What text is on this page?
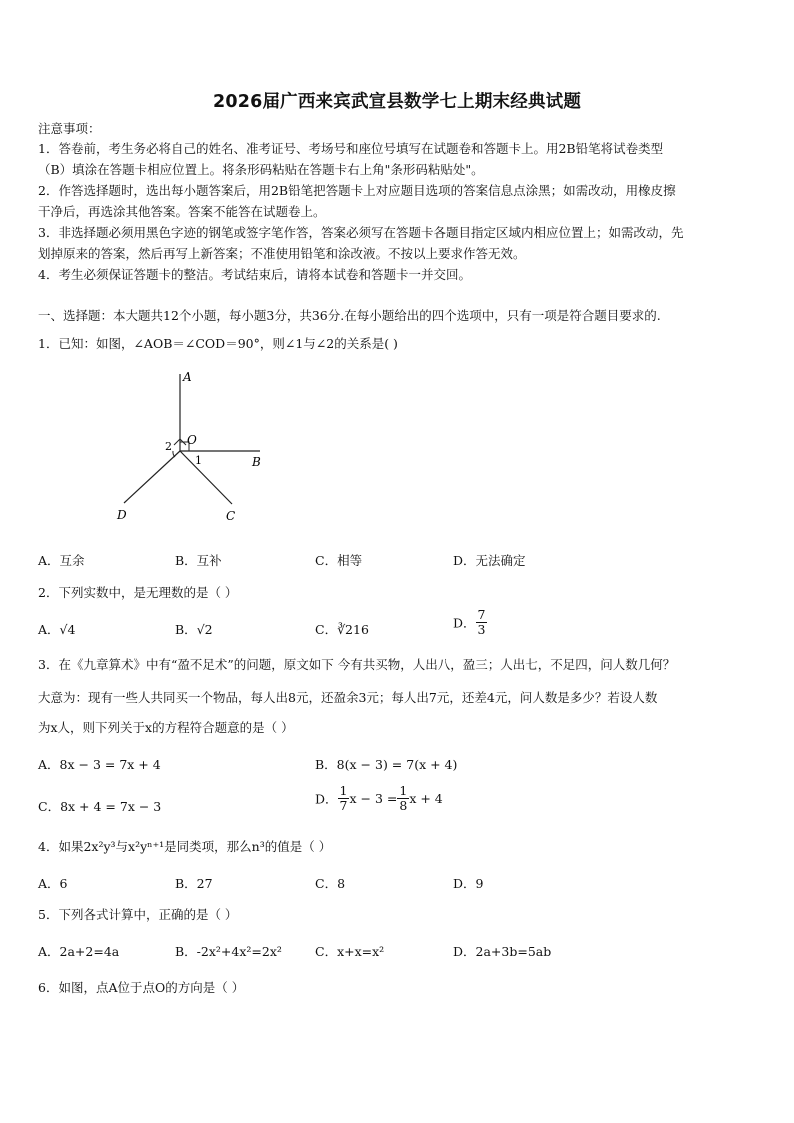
2026届广西来宾武宣县数学七上期末经典试题
注意事项：
1．答卷前，考生务必将自己的姓名、准考证号、考场号和座位号填写在试题卷和答题卡上。用2B铅笔将试卷类型
（B）填涂在答题卡相应位置上。将条形码粘贴在答题卡右上角"条形码粘贴处"。
2．作答选择题时，选出每小题答案后，用2B铅笔把答题卡上对应题目选项的答案信息点涂黑；如需改动，用橡皮擦
干净后，再选涂其他答案。答案不能答在试题卷上。
3．非选择题必须用黑色字迹的钢笔或签字笔作答，答案必须写在答题卡各题目指定区域内相应位置上；如需改动，先
划掉原来的答案，然后再写上新答案；不准使用铅笔和涂改液。不按以上要求作答无效。
4．考生必须保证答题卡的整洁。考试结束后，请将本试卷和答题卡一并交回。
一、选择题：本大题共12个小题，每小题3分，共36分.在每小题给出的四个选项中，只有一项是符合题目要求的.
1．已知：如图，∠AOB＝∠COD＝90°，则∠1与∠2的关系是( )
A
B
C
D
O
1
2
A．互余	B．互补	C．相等	D．无法确定
2．下列实数中，是无理数的是（ ）
A．√4	B．√2	C．∛216	D． $\frac{7}{3}$
3．在《九章算术》中有“盈不足术”的问题，原文如下 今有共买物，人出八，盈三；人出七，不足四，问人数几何？
大意为：现有一些人共同买一个物品，每人出8元，还盈余3元；每人出7元，还差4元，问人数是多少？若设人数
为x人，则下列关于x的方程符合题意的是（ ）
A．8x − 3 = 7x + 4	B．8(x − 3) = 7(x + 4)
C．8x + 4 = 7x − 3	D． $\frac{1}{7}$ $x - 3 = \frac{1}{8}$ x + 4
4．如果2x²y³与x²yⁿ⁺¹是同类项，那么n³的值是（ ）
A．6	B．27	C．8	D．9
5．下列各式计算中，正确的是（ ）
A．2a+2=4a	B．-2x²+4x²=2x²	C．x+x=x²	D．2a+3b=5ab
6．如图，点A位于点O的方向是（ ）
